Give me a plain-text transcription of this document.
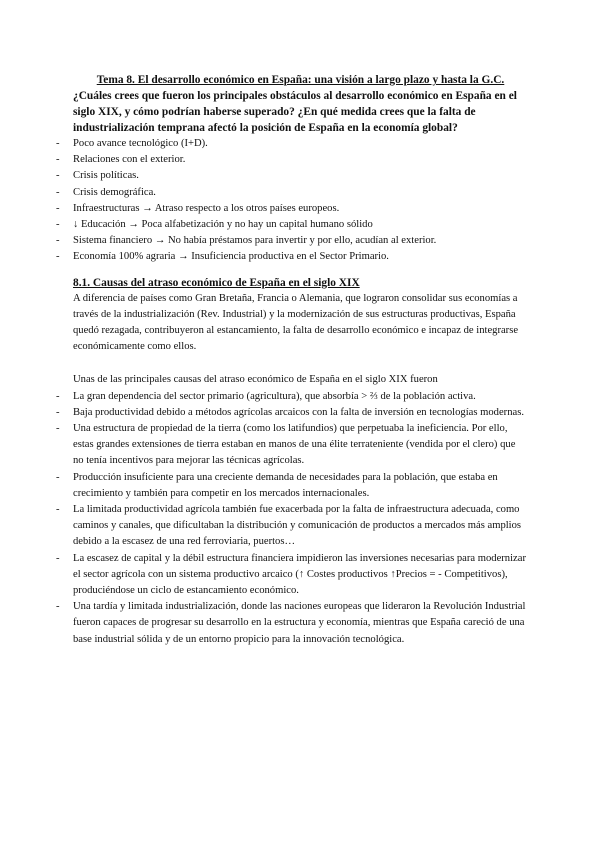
Tema 8. El desarrollo económico en España: una visión a largo plazo y hasta la G.C.

¿Cuáles crees que fueron los principales obstáculos al desarrollo económico en España en el siglo XIX, y cómo podrían haberse superado? ¿En qué medida crees que la falta de industrialización temprana afectó la posición de España en la economía global?

- Poco avance tecnológico (I+D).
- Relaciones con el exterior.
- Crisis políticas.
- Crisis demográfica.
- Infraestructuras → Atraso respecto a los otros países europeos.
- ↓ Educación → Poca alfabetización y no hay un capital humano sólido
- Sistema financiero → No había préstamos para invertir y por ello, acudían al exterior.
- Economía 100% agraria → Insuficiencia productiva en el Sector Primario.

8.1. Causas del atraso económico de España en el siglo XIX

A diferencia de países como Gran Bretaña, Francia o Alemania, que lograron consolidar sus economías a través de la industrialización (Rev. Industrial) y la modernización de sus estructuras productivas, España quedó rezagada, contribuyeron al estancamiento, la falta de desarrollo económico e incapaz de integrarse económicamente como ellos.

Unas de las principales causas del atraso económico de España en el siglo XIX fueron

- La gran dependencia del sector primario (agricultura), que absorbía > ⅔ de la población activa.
- Baja productividad debido a métodos agrícolas arcaicos con la falta de inversión en tecnologías modernas.
- Una estructura de propiedad de la tierra (como los latifundios) que perpetuaba la ineficiencia. Por ello, estas grandes extensiones de tierra estaban en manos de una élite terrateniente (vendida por el clero) que no tenía incentivos para mejorar las técnicas agrícolas.
- Producción insuficiente para una creciente demanda de necesidades para la población, que estaba en crecimiento y también para competir en los mercados internacionales.
- La limitada productividad agrícola también fue exacerbada por la falta de infraestructura adecuada, como caminos y canales, que dificultaban la distribución y comunicación de productos a mercados más amplios debido a la escasez de una red ferroviaria, puertos…
- La escasez de capital y la débil estructura financiera impidieron las inversiones necesarias para modernizar el sector agrícola con un sistema productivo arcaico (↑ Costes productivos ↑Precios = - Competitivos), produciéndose un ciclo de estancamiento económico.
- Una tardía y limitada industrialización, donde las naciones europeas que lideraron la Revolución Industrial fueron capaces de progresar su desarrollo en la estructura y economía, mientras que España careció de una base industrial sólida y de un entorno propicio para la innovación tecnológica.
